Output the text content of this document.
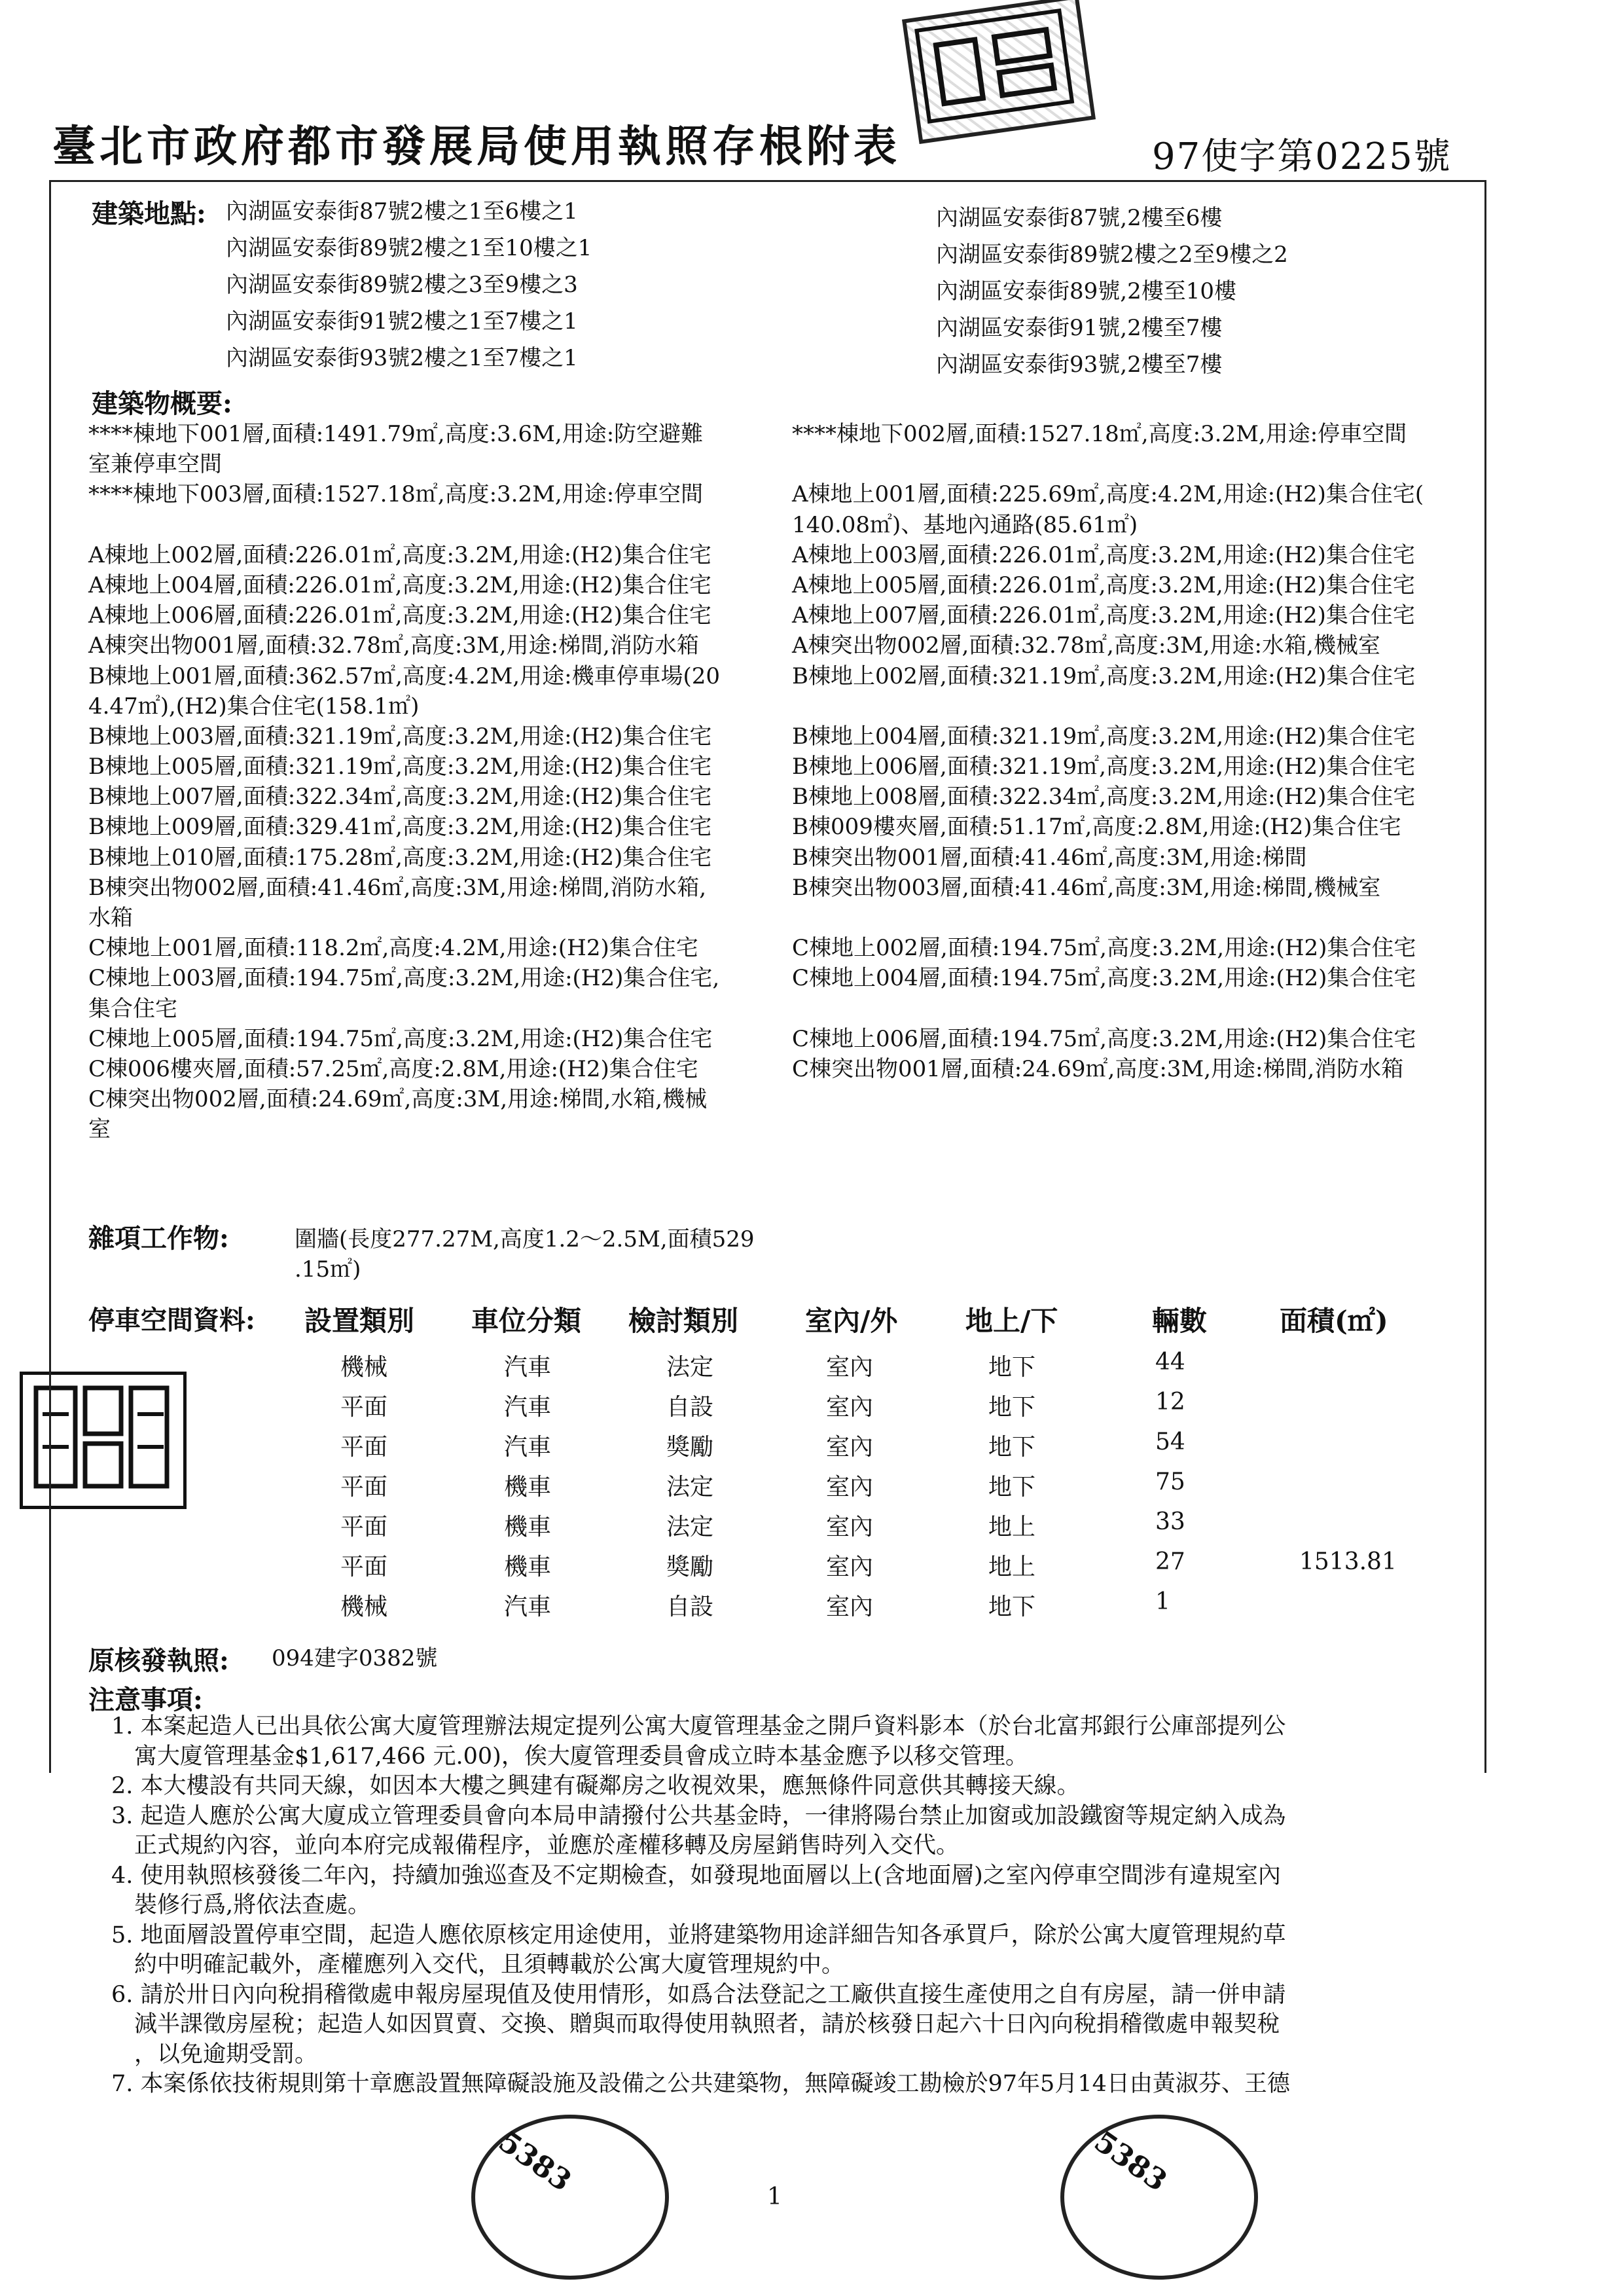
5383	5383
臺北市政府都市發展局使用執照存根附表	97使字第0225號
建築地點: 內湖區安泰街87號2樓之1至6樓之1
內湖區安泰街89號2樓之1至10樓之1
內湖區安泰街89號2樓之3至9樓之3
內湖區安泰街91號2樓之1至7樓之1
內湖區安泰街93號2樓之1至7樓之1
內湖區安泰街87號,2樓至6樓
內湖區安泰街89號2樓之2至9樓之2
內湖區安泰街89號,2樓至10樓
內湖區安泰街91號,2樓至7樓
內湖區安泰街93號,2樓至7樓
建築物概要:
****棟地下001層,面積:1491.79㎡,高度:3.6M,用途:防空避難
室兼停車空間
****棟地下003層,面積:1527.18㎡,高度:3.2M,用途:停車空間
A棟地上002層,面積:226.01㎡,高度:3.2M,用途:(H2)集合住宅
A棟地上004層,面積:226.01㎡,高度:3.2M,用途:(H2)集合住宅
A棟地上006層,面積:226.01㎡,高度:3.2M,用途:(H2)集合住宅
A棟突出物001層,面積:32.78㎡,高度:3M,用途:梯間,消防水箱
B棟地上001層,面積:362.57㎡,高度:4.2M,用途:機車停車場(20
4.47㎡),(H2)集合住宅(158.1㎡)
B棟地上003層,面積:321.19㎡,高度:3.2M,用途:(H2)集合住宅
B棟地上005層,面積:321.19㎡,高度:3.2M,用途:(H2)集合住宅
B棟地上007層,面積:322.34㎡,高度:3.2M,用途:(H2)集合住宅
B棟地上009層,面積:329.41㎡,高度:3.2M,用途:(H2)集合住宅
B棟地上010層,面積:175.28㎡,高度:3.2M,用途:(H2)集合住宅
B棟突出物002層,面積:41.46㎡,高度:3M,用途:梯間,消防水箱,
水箱
C棟地上001層,面積:118.2㎡,高度:4.2M,用途:(H2)集合住宅
C棟地上003層,面積:194.75㎡,高度:3.2M,用途:(H2)集合住宅,
集合住宅
C棟地上005層,面積:194.75㎡,高度:3.2M,用途:(H2)集合住宅
C棟006樓夾層,面積:57.25㎡,高度:2.8M,用途:(H2)集合住宅
C棟突出物002層,面積:24.69㎡,高度:3M,用途:梯間,水箱,機械
室
****棟地下002層,面積:1527.18㎡,高度:3.2M,用途:停車空間
A棟地上001層,面積:225.69㎡,高度:4.2M,用途:(H2)集合住宅(
140.08㎡)、基地內通路(85.61㎡)
A棟地上003層,面積:226.01㎡,高度:3.2M,用途:(H2)集合住宅
A棟地上005層,面積:226.01㎡,高度:3.2M,用途:(H2)集合住宅
A棟地上007層,面積:226.01㎡,高度:3.2M,用途:(H2)集合住宅
A棟突出物002層,面積:32.78㎡,高度:3M,用途:水箱,機械室
B棟地上002層,面積:321.19㎡,高度:3.2M,用途:(H2)集合住宅
B棟地上004層,面積:321.19㎡,高度:3.2M,用途:(H2)集合住宅
B棟地上006層,面積:321.19㎡,高度:3.2M,用途:(H2)集合住宅
B棟地上008層,面積:322.34㎡,高度:3.2M,用途:(H2)集合住宅
B棟009樓夾層,面積:51.17㎡,高度:2.8M,用途:(H2)集合住宅
B棟突出物001層,面積:41.46㎡,高度:3M,用途:梯間
B棟突出物003層,面積:41.46㎡,高度:3M,用途:梯間,機械室
C棟地上002層,面積:194.75㎡,高度:3.2M,用途:(H2)集合住宅
C棟地上004層,面積:194.75㎡,高度:3.2M,用途:(H2)集合住宅
C棟地上006層,面積:194.75㎡,高度:3.2M,用途:(H2)集合住宅
C棟突出物001層,面積:24.69㎡,高度:3M,用途:梯間,消防水箱
雜項工作物:	圍牆(長度277.27M,高度1.2～2.5M,面積529
.15㎡)
停車空間資料: 設置類別 車位分類 檢討類別 室內/外 地上/下	輛數	面積(㎡)
機械	汽車	法定	室內	地下	44
平面	汽車	自設	室內	地下	12
平面	汽車	獎勵	室內	地下	54
平面	機車	法定	室內	地下	75
平面	機車	法定	室內	地上	33
平面	機車	獎勵	室內	地上	27	1513.81
機械	汽車	自設	室內	地下	1
原核發執照: 094建字0382號
注意事項:
1. 本案起造人已出具依公寓大廈管理辦法規定提列公寓大廈管理基金之開戶資料影本（於台北富邦銀行公庫部提列公
寓大廈管理基金$1,617,466 元.00)，俟大廈管理委員會成立時本基金應予以移交管理。
2. 本大樓設有共同天線，如因本大樓之興建有礙鄰房之收視效果，應無條件同意供其轉接天線。
3. 起造人應於公寓大廈成立管理委員會向本局申請撥付公共基金時，一律將陽台禁止加窗或加設鐵窗等規定納入成為
正式規約內容，並向本府完成報備程序，並應於產權移轉及房屋銷售時列入交代。
4. 使用執照核發後二年內，持續加強巡查及不定期檢查，如發現地面層以上(含地面層)之室內停車空間涉有違規室內
裝修行爲,將依法查處。
5. 地面層設置停車空間，起造人應依原核定用途使用，並將建築物用途詳細告知各承買戶，除於公寓大廈管理規約草
約中明確記載外，產權應列入交代，且須轉載於公寓大廈管理規約中。
6. 請於卅日內向稅捐稽徵處申報房屋現值及使用情形，如爲合法登記之工廠供直接生產使用之自有房屋，請一併申請
減半課徵房屋稅；起造人如因買賣、交換、贈與而取得使用執照者，請於核發日起六十日內向稅捐稽徵處申報契稅
，以免逾期受罰。
7. 本案係依技術規則第十章應設置無障礙設施及設備之公共建築物，無障礙竣工勘檢於97年5月14日由黃淑芬、王德
1
